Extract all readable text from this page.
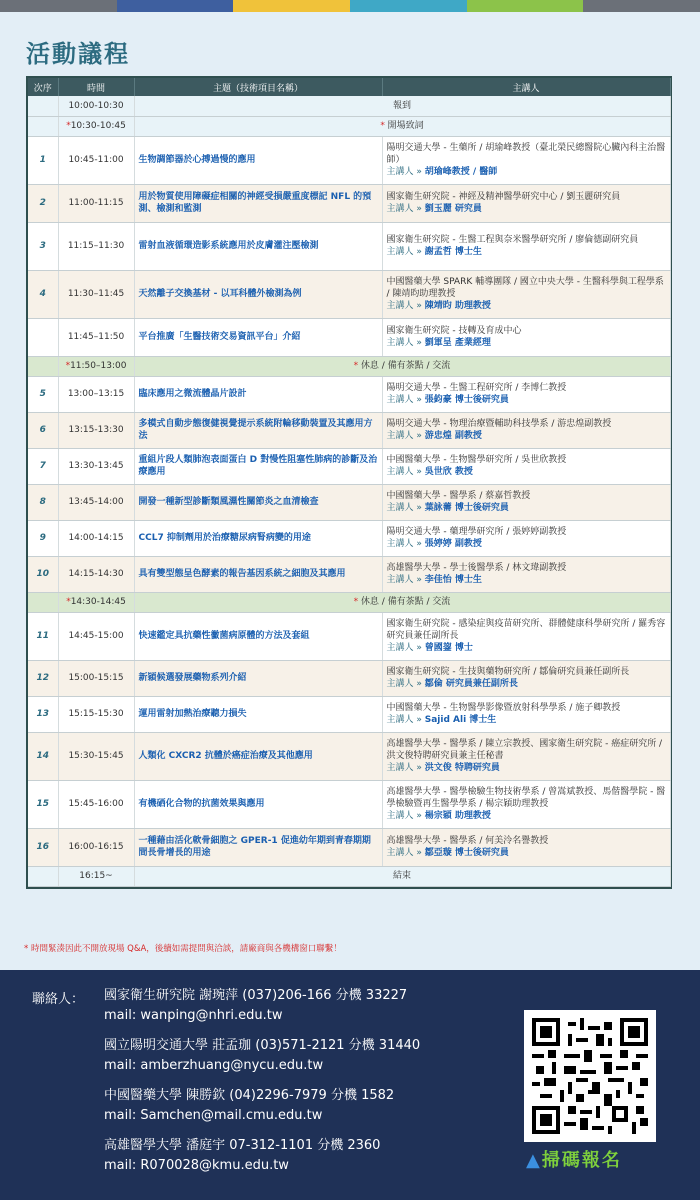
活動議程
次序	時間	主題（技術項目名稱）	主講人
	10:00-10:30	報到	
	*10:30-10:45	* 開場致詞	
1	10:45-11:00	生物調節器於心搏過慢的應用	陽明交通大學 - 生藥所 / 胡瑜峰教授（臺北榮民總醫院心臟內科主治醫師）
主講人 » 胡瑜峰教授 / 醫師

2	11:00-11:15	用於物質使用障礙症相關的神經受損嚴重度標記 NFL 的預測、檢測和監測	國家衛生研究院 - 神經及精神醫學研究中心 / 劉玉麗研究員
主講人 » 劉玉麗 研究員

3	11:15–11:30	雷射血液循環造影系統應用於皮膚灌注壓檢測	國家衛生研究院 - 生醫工程與奈米醫學研究所 / 廖倫德副研究員
主講人 » 謝孟哲 博士生

4	11:30–11:45	天然離子交換基材 - 以耳科體外檢測為例	中國醫藥大學 SPARK 輔導團隊 / 國立中央大學 - 生醫科學與工程學系 / 陳靖昀助理教授
主講人 » 陳靖昀 助理教授

	11:45–11:50	平台推廣「生醫技術交易資訊平台」介紹	國家衛生研究院 - 技轉及育成中心
主講人 » 劉軍呈 產業經理

	*11:50–13:00	* 休息 / 備有茶點 / 交流	
5	13:00–13:15	臨床應用之微流體晶片設計	陽明交通大學 - 生醫工程研究所 / 李博仁教授
主講人 » 張鈞豪 博士後研究員

6	13:15-13:30	多模式自動步態復健視覺提示系統附輪移動裝置及其應用方法	陽明交通大學 - 物理治療暨輔助科技學系 / 游忠煌副教授
主講人 » 游忠煌 副教授

7	13:30-13:45	重組片段人類肺泡表面蛋白 D 對慢性阻塞性肺病的診斷及治療應用	中國醫藥大學 - 生物醫學研究所 / 吳世欣教授
主講人 » 吳世欣 教授

8	13:45-14:00	開發一種新型診斷類風濕性關節炎之血清檢查	中國醫藥大學 - 醫學系 / 蔡嘉哲教授
主講人 » 葉詠薷 博士後研究員

9	14:00-14:15	CCL7 抑制劑用於治療糖尿病腎病變的用途	陽明交通大學 - 藥理學研究所 / 張婷婷副教授
主講人 » 張婷婷 副教授

10	14:15-14:30	具有雙型態呈色酵素的報告基因系統之細胞及其應用	高雄醫學大學 - 學士後醫學系 / 林文瑋副教授
主講人 » 李佳怡 博士生

	*14:30-14:45	* 休息 / 備有茶點 / 交流	
11	14:45-15:00	快速鑑定具抗藥性黴菌病原體的方法及套組	國家衛生研究院 - 感染症與疫苗研究所、群體健康科學研究所 / 羅秀容研究員兼任副所長
主講人 » 曾國鋆 博士

12	15:00-15:15	新穎候選發展藥物系列介紹	國家衛生研究院 - 生技與藥物研究所 / 鄒倫研究員兼任副所長
主講人 » 鄒倫 研究員兼任副所長

13	15:15-15:30	運用雷射加熱治療聽力損失	中國醫藥大學 - 生物醫學影像暨放射科學學系 / 施子卿教授
主講人 » Sajid Ali 博士生

14	15:30-15:45	人類化 CXCR2 抗體於癌症治療及其他應用	高雄醫學大學 - 醫學系 / 陳立宗教授、國家衛生研究院 - 癌症研究所 / 洪文俊特聘研究員兼主任秘書
主講人 » 洪文俊 特聘研究員

15	15:45-16:00	有機硒化合物的抗菌效果與應用	高雄醫學大學 - 醫學檢驗生物技術學系 / 曾嵩斌教授、馬偕醫學院 - 醫學檢驗暨再生醫學學系 / 楊宗穎助理教授
主講人 » 楊宗穎 助理教授

16	16:00-16:15	一種藉由活化軟骨細胞之 GPER-1 促進幼年期到青春期期間長骨增長的用途	高雄醫學大學 - 醫學系 / 何美泠名譽教授
主講人 » 鄒亞璇 博士後研究員

	16:15~	結束	
* 時間緊湊因此不開放現場 Q&A，後續如需提問與洽談，請廠商與各機構窗口聯繫！
聯絡人： 國家衛生研究院 謝琬萍 (037)206-166 分機 33227
mail: wanping@nhri.edu.tw
國立陽明交通大學 莊孟珈 (03)571-2121 分機 31440
mail: amberzhuang@nycu.edu.tw
中國醫藥大學 陳勝欽 (04)2296-7979 分機 1582
mail: Samchen@mail.cmu.edu.tw
高雄醫學大學 潘庭宇 07-312-1101 分機 2360
mail: R070028@kmu.edu.tw	▲掃碼報名
